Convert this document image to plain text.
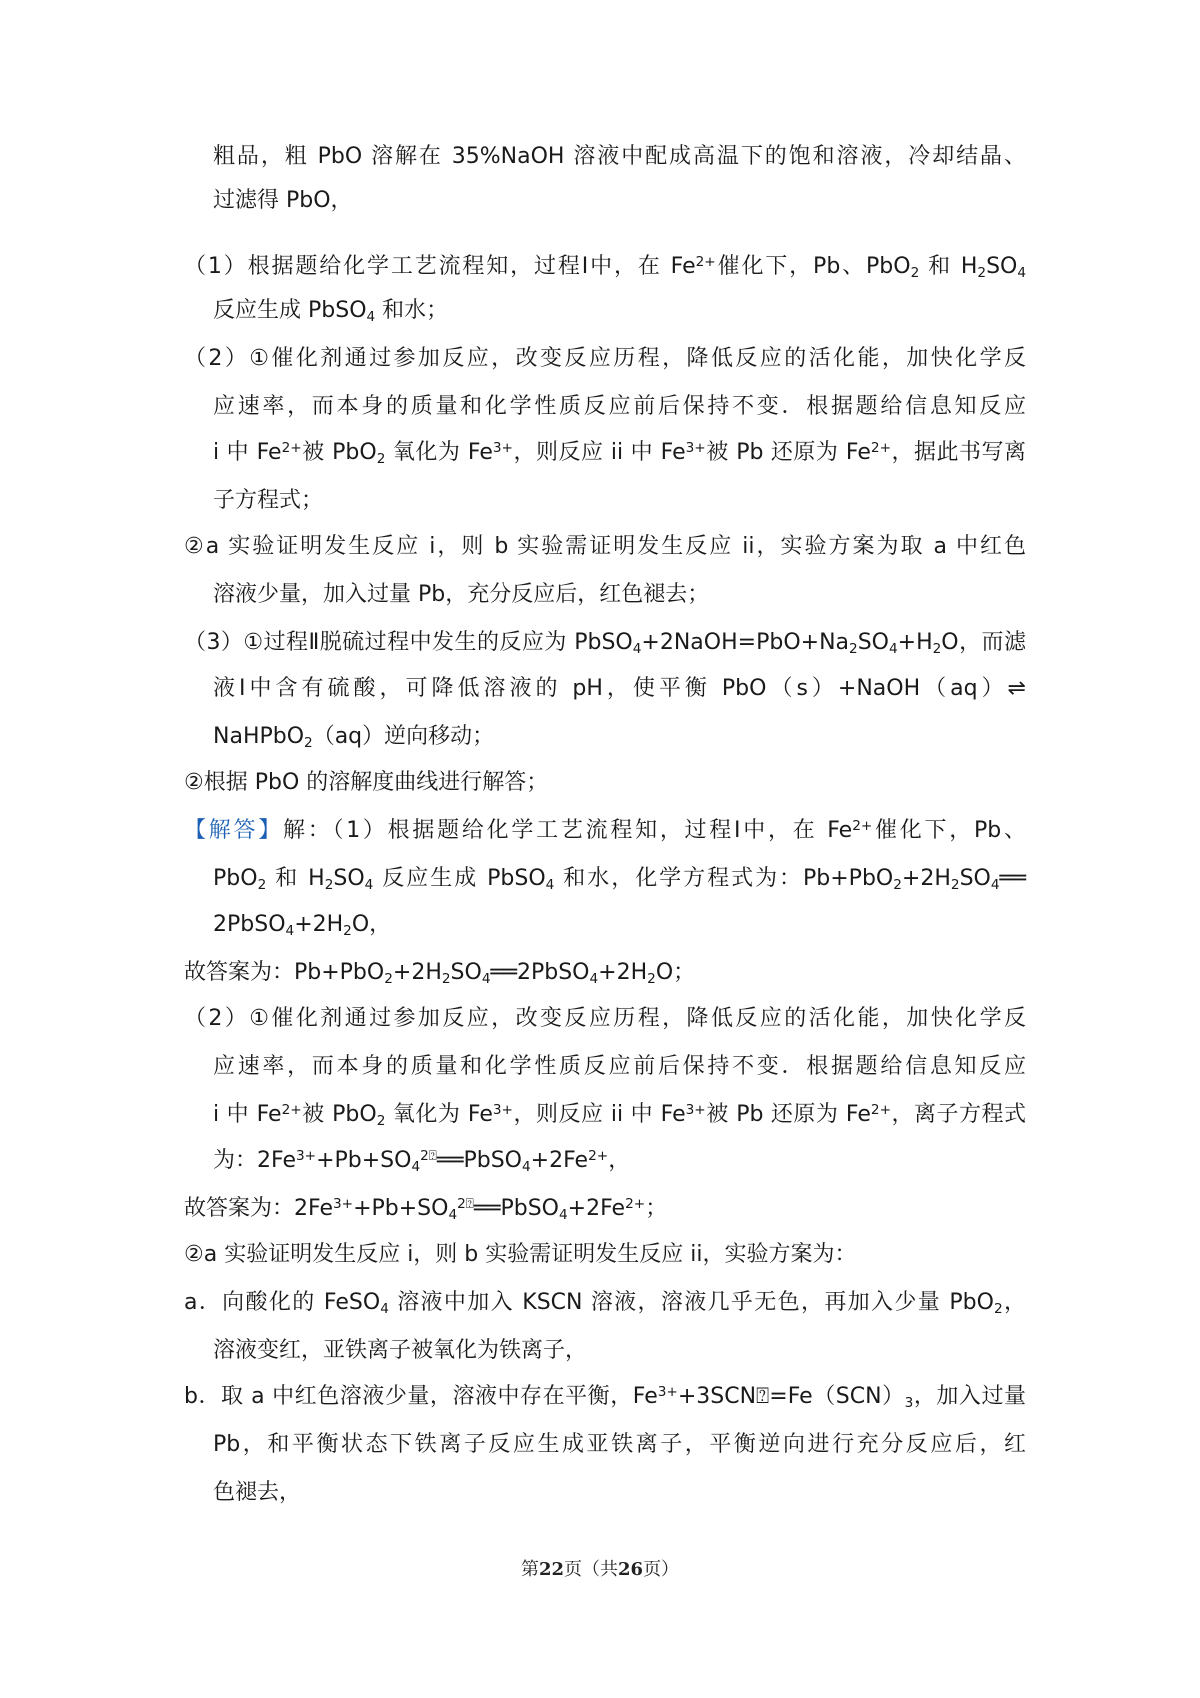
粗品，粗 PbO 溶解在 35%NaOH 溶液中配成高温下的饱和溶液，冷却结晶、
过滤得 PbO，
（1）根据题给化学工艺流程知，过程Ⅰ中，在 $Fe^{2+}$催化下，Pb、PbO$_2$ 和 $H_2SO_4$
反应生成 PbSO$_4$ 和水；
（2）①催化剂通过参加反应，改变反应历程，降低反应的活化能，加快化学反
应速率，而本身的质量和化学性质反应前后保持不变．根据题给信息知反应
i 中 $Fe^{2+}$被 PbO$_2$ 氧化为 $Fe^{3+}$，则反应 ii 中 $Fe^{3+}$被 Pb 还原为 $Fe^{2+}$，据此书写离
子方程式；
②a 实验证明发生反应 i，则 b 实验需证明发生反应 ii，实验方案为取 a 中红色
溶液少量，加入过量 Pb，充分反应后，红色褪去；
（3）①过程Ⅱ脱硫过程中发生的反应为 $PbSO_4+2NaOH=PbO+Na_2SO_4+H_2O$，而滤
液Ⅰ中含有硫酸，可降低溶液的 pH，使平衡 PbO（s）+NaOH（aq）⇌
NaHPbO$_2$（aq）逆向移动；
②根据 PbO 的溶解度曲线进行解答；
【解答】解：（1）根据题给化学工艺流程知，过程Ⅰ中，在 $Fe^{2+}$催化下，Pb、
PbO$_2$ 和 $H_2SO_4$ 反应生成 PbSO$_4$ 和水，化学方程式为：$Pb+PbO_2+2H_2SO_4══$
$2PbSO_4+2H_2O$，
故答案为：$Pb+PbO_2+2H_2SO_4══2PbSO_4+2H_2O$；
（2）①催化剂通过参加反应，改变反应历程，降低反应的活化能，加快化学反
应速率，而本身的质量和化学性质反应前后保持不变．根据题给信息知反应
i 中 $Fe^{2+}$被 PbO$_2$ 氧化为 $Fe^{3+}$，则反应 ii 中 $Fe^{3+}$被 Pb 还原为 $Fe^{2+}$，离子方程式
为：$2Fe^{3+}+Pb+SO_4^{2⍰}══PbSO_4+2Fe^{2+}$，
故答案为：$2Fe^{3+}+Pb+SO_4^{2⍰}══PbSO_4+2Fe^{2+}$；
②a 实验证明发生反应 i，则 b 实验需证明发生反应 ii，实验方案为：
a．向酸化的 FeSO$_4$ 溶液中加入 KSCN 溶液，溶液几乎无色，再加入少量 PbO$_2$，
溶液变红，亚铁离子被氧化为铁离子，
b．取 a 中红色溶液少量，溶液中存在平衡，$Fe^{3+}+3SCN⍰=Fe(SCN)_3$，加入过量
Pb，和平衡状态下铁离子反应生成亚铁离子，平衡逆向进行充分反应后，红
色褪去，
第22页（共26页）
